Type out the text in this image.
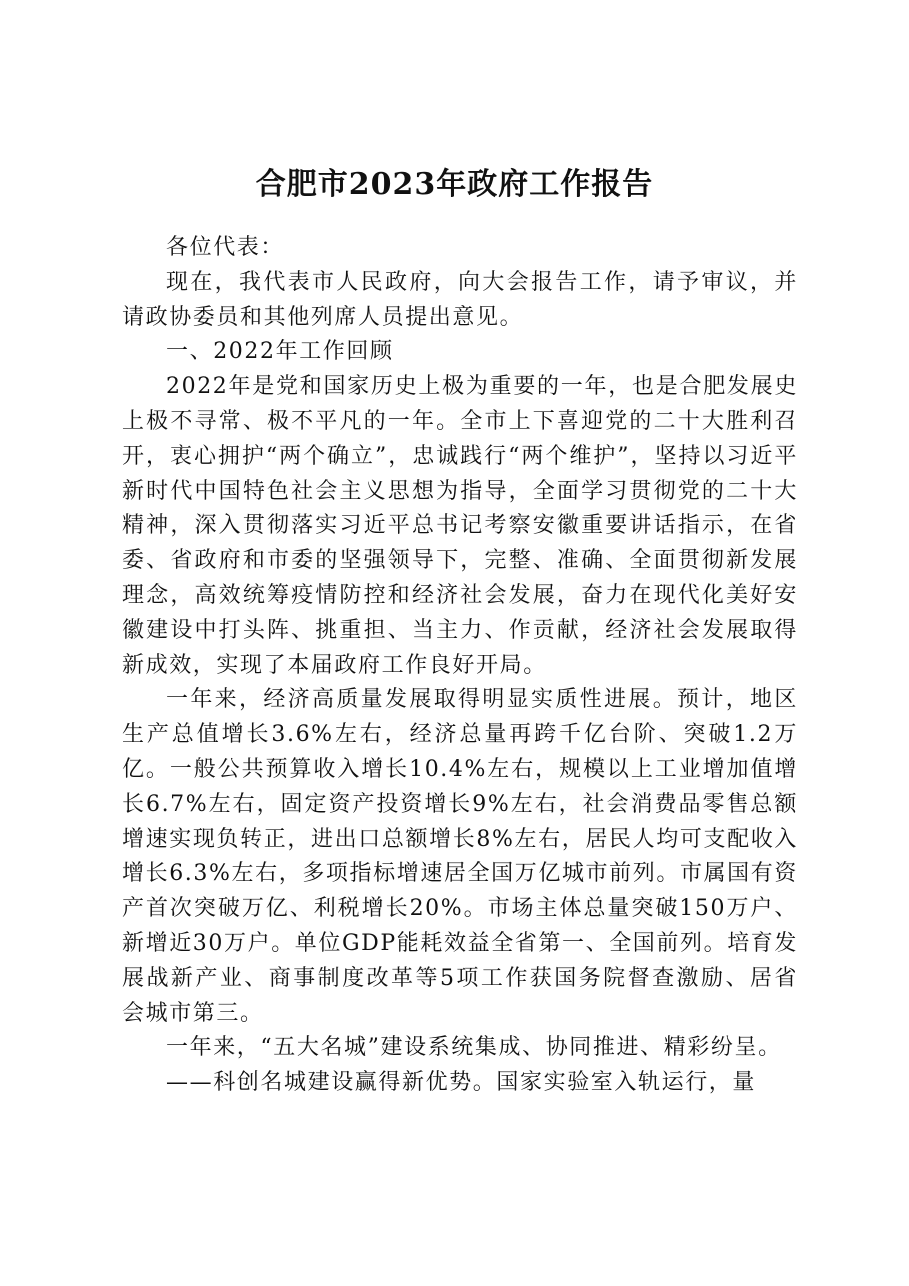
合肥市2023年政府工作报告

各位代表：

现在，我代表市人民政府，向大会报告工作，请予审议，并请政协委员和其他列席人员提出意见。

一、2022年工作回顾

2022年是党和国家历史上极为重要的一年，也是合肥发展史上极不寻常、极不平凡的一年。全市上下喜迎党的二十大胜利召开，衷心拥护“两个确立”，忠诚践行“两个维护”，坚持以习近平新时代中国特色社会主义思想为指导，全面学习贯彻党的二十大精神，深入贯彻落实习近平总书记考察安徽重要讲话指示，在省委、省政府和市委的坚强领导下，完整、准确、全面贯彻新发展理念，高效统筹疫情防控和经济社会发展，奋力在现代化美好安徽建设中打头阵、挑重担、当主力、作贡献，经济社会发展取得新成效，实现了本届政府工作良好开局。

一年来，经济高质量发展取得明显实质性进展。预计，地区生产总值增长3.6%左右，经济总量再跨千亿台阶、突破1.2万亿。一般公共预算收入增长10.4%左右，规模以上工业增加值增长6.7%左右，固定资产投资增长9%左右，社会消费品零售总额增速实现负转正，进出口总额增长8%左右，居民人均可支配收入增长6.3%左右，多项指标增速居全国万亿城市前列。市属国有资产首次突破万亿、利税增长20%。市场主体总量突破150万户、新增近30万户。单位GDP能耗效益全省第一、全国前列。培育发展战新产业、商事制度改革等5项工作获国务院督查激励、居省会城市第三。

一年来，“五大名城”建设系统集成、协同推进、精彩纷呈。

——科创名城建设赢得新优势。国家实验室入轨运行，量
